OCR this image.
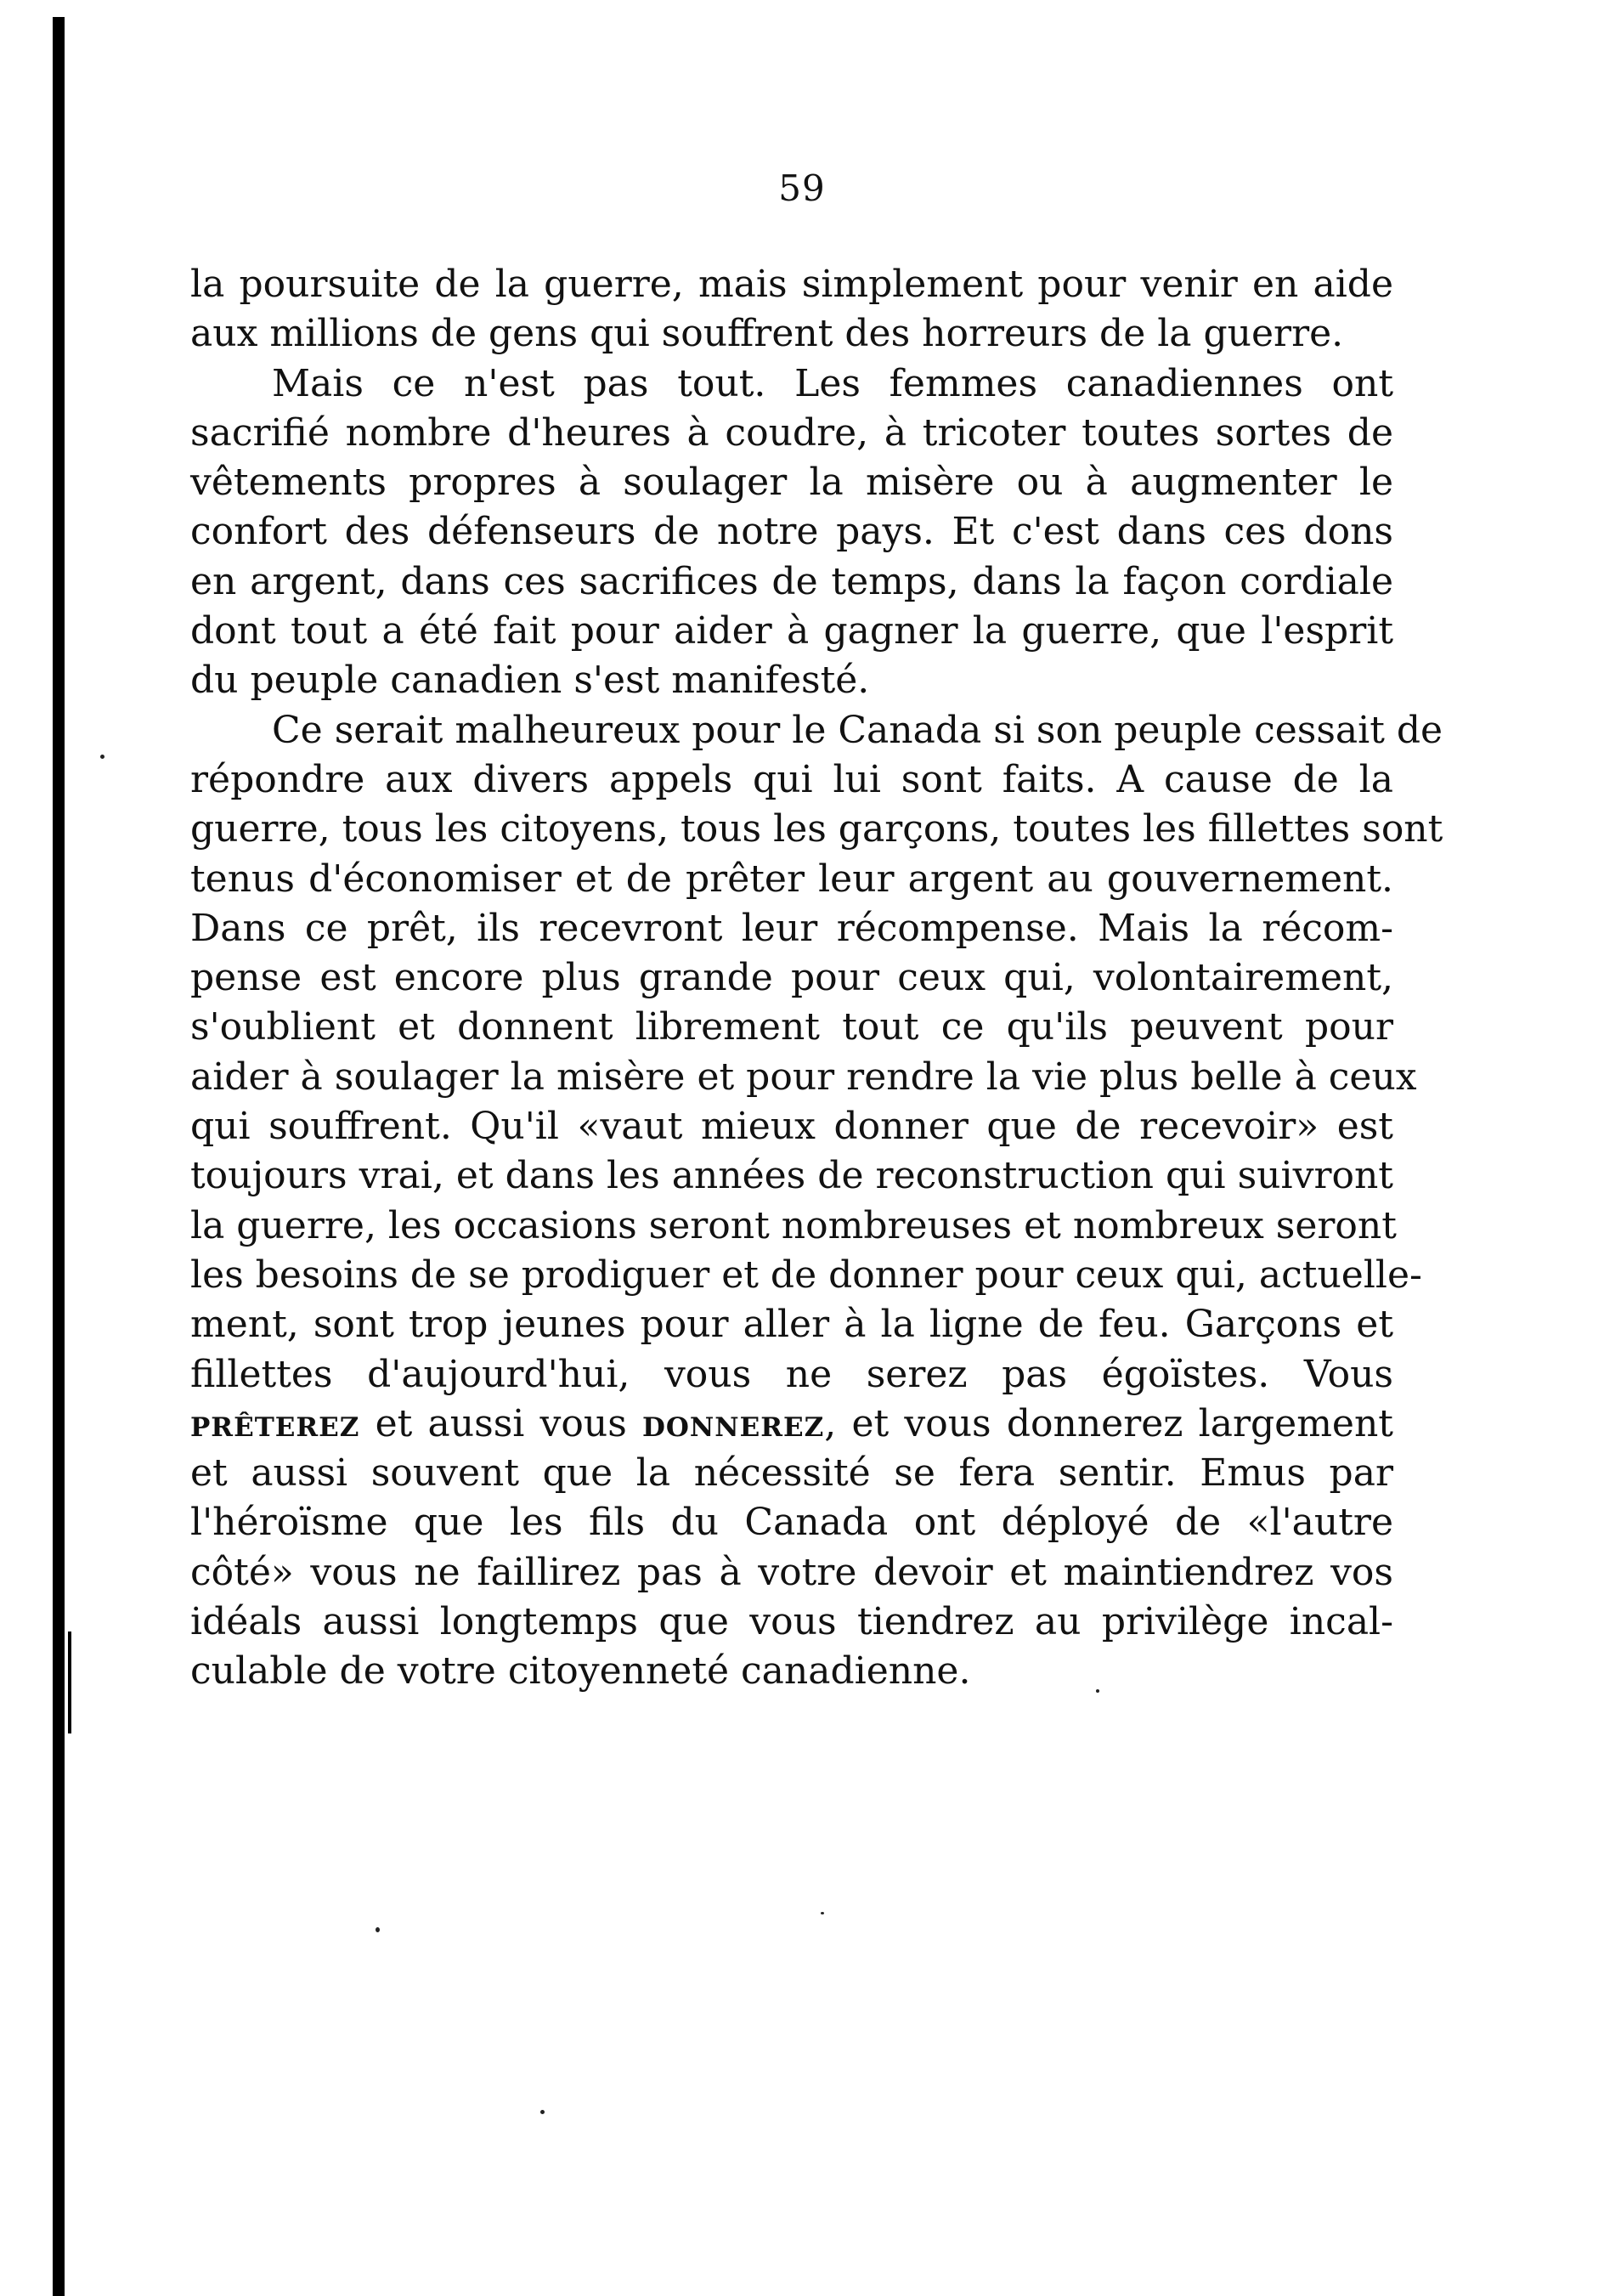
59
la poursuite de la guerre, mais simplement pour venir en aide
aux millions de gens qui souffrent des horreurs de la guerre.
Mais ce n'est pas tout. Les femmes canadiennes ont
sacrifié nombre d'heures à coudre, à tricoter toutes sortes de
vêtements propres à soulager la misère ou à augmenter le
confort des défenseurs de notre pays. Et c'est dans ces dons
en argent, dans ces sacrifices de temps, dans la façon cordiale
dont tout a été fait pour aider à gagner la guerre, que l'esprit
du peuple canadien s'est manifesté.
Ce serait malheureux pour le Canada si son peuple cessait de
répondre aux divers appels qui lui sont faits. A cause de la
guerre, tous les citoyens, tous les garçons, toutes les fillettes sont
tenus d'économiser et de prêter leur argent au gouvernement.
Dans ce prêt, ils recevront leur récompense. Mais la récom-
pense est encore plus grande pour ceux qui, volontairement,
s'oublient et donnent librement tout ce qu'ils peuvent pour
aider à soulager la misère et pour rendre la vie plus belle à ceux
qui souffrent. Qu'il «vaut mieux donner que de recevoir» est
toujours vrai, et dans les années de reconstruction qui suivront
la guerre, les occasions seront nombreuses et nombreux seront
les besoins de se prodiguer et de donner pour ceux qui, actuelle-
ment, sont trop jeunes pour aller à la ligne de feu. Garçons et
fillettes d'aujourd'hui, vous ne serez pas égoïstes. Vous
prêterez et aussi vous donnerez, et vous donnerez largement
et aussi souvent que la nécessité se fera sentir. Emus par
l'héroïsme que les fils du Canada ont déployé de «l'autre
côté» vous ne faillirez pas à votre devoir et maintiendrez vos
idéals aussi longtemps que vous tiendrez au privilège incal-
culable de votre citoyenneté canadienne.
